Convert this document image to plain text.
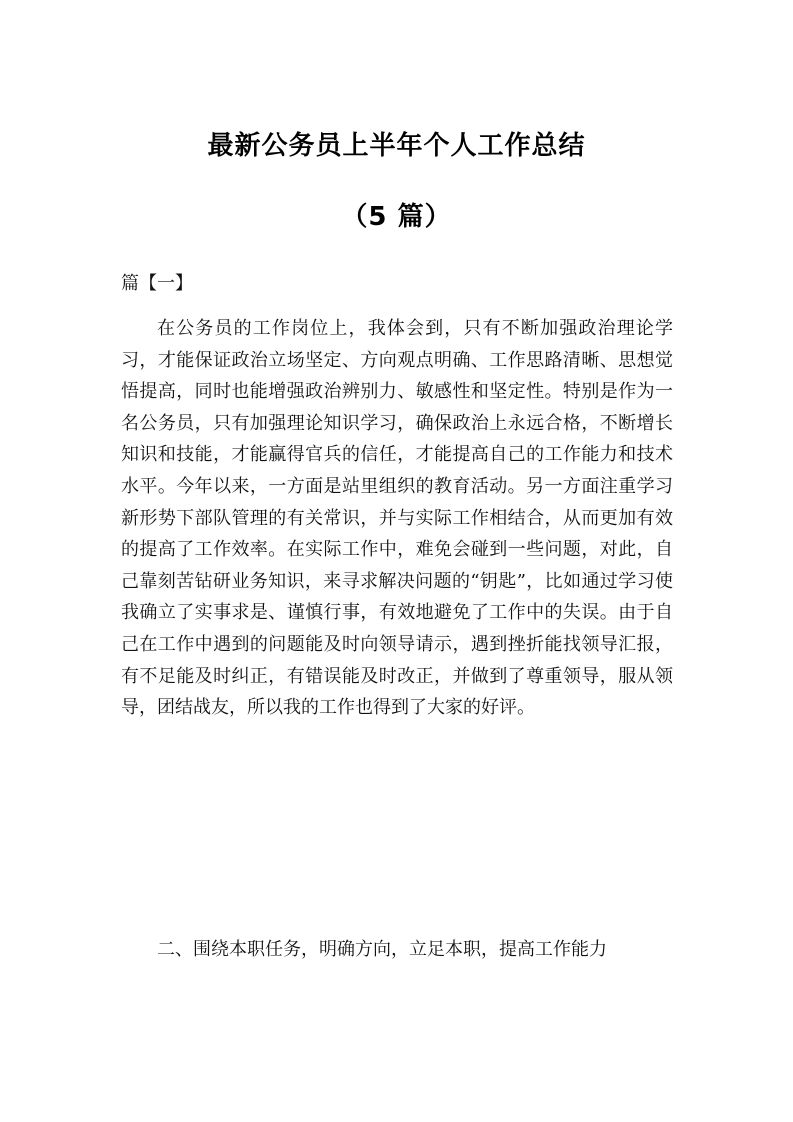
最新公务员上半年个人工作总结
（5 篇）
篇【一】

在公务员的工作岗位上，我体会到，只有不断加强政治理论学习，才能保证政治立场坚定、方向观点明确、工作思路清晰、思想觉悟提高，同时也能增强政治辨别力、敏感性和坚定性。特别是作为一名公务员，只有加强理论知识学习，确保政治上永远合格，不断增长知识和技能，才能赢得官兵的信任，才能提高自己的工作能力和技术水平。今年以来，一方面是站里组织的教育活动。另一方面注重学习新形势下部队管理的有关常识，并与实际工作相结合，从而更加有效的提高了工作效率。在实际工作中，难免会碰到一些问题，对此，自己靠刻苦钻研业务知识，来寻求解决问题的“钥匙”，比如通过学习使我确立了实事求是、谨慎行事，有效地避免了工作中的失误。由于自己在工作中遇到的问题能及时向领导请示，遇到挫折能找领导汇报，有不足能及时纠正，有错误能及时改正，并做到了尊重领导，服从领导，团结战友，所以我的工作也得到了大家的好评。

二、围绕本职任务，明确方向，立足本职，提高工作能力
